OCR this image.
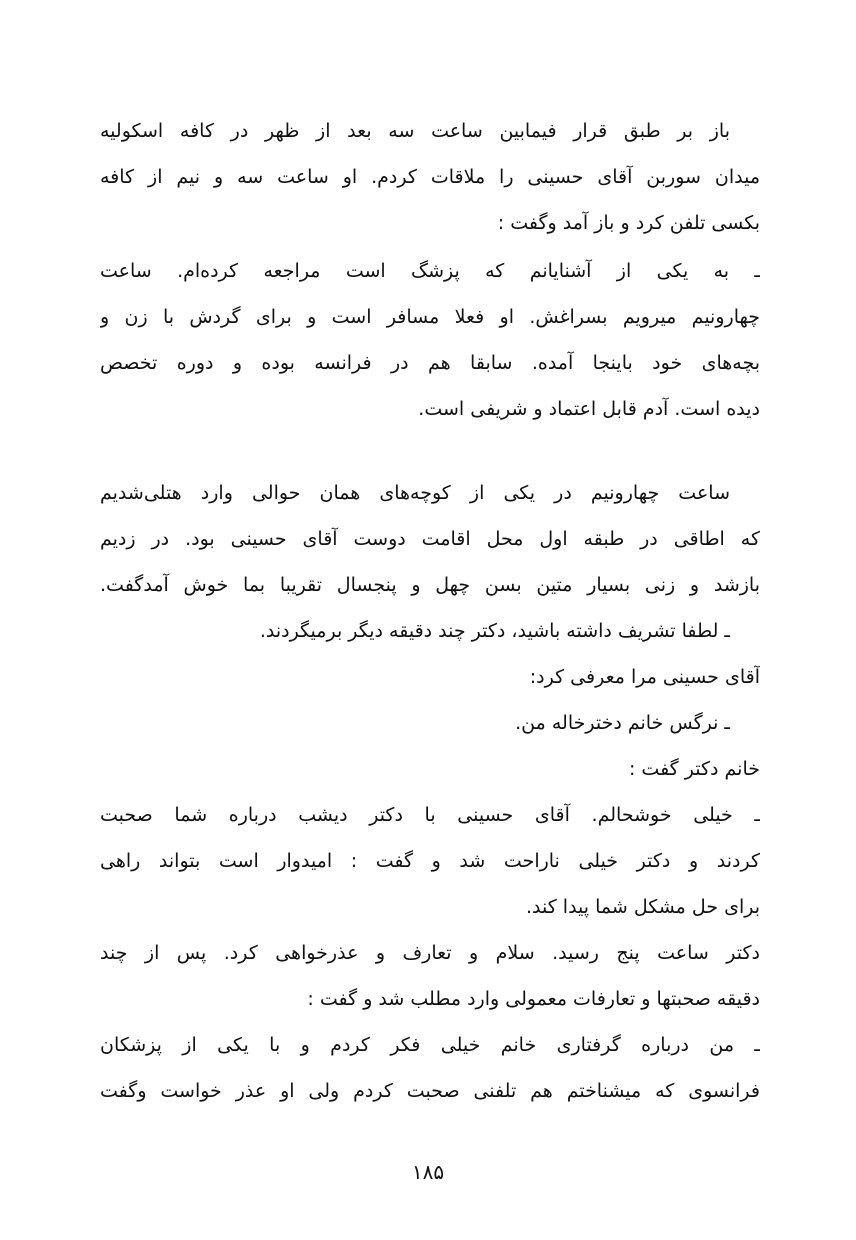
باز بر طبق قرار فیمابین ساعت سه بعد از ظهر در کافه اسکولیه
میدان سوربن آقای حسینی را ملاقات کردم. او ساعت سه و نیم از کافه
بکسی تلفن کرد و باز آمد وگفت :
ـ به یکی از آشنایانم که پزشگ است مراجعه کرده‌ام. ساعت
چهارونیم میرویم بسراغش. او فعلا مسافر است و برای گردش با زن و
بچه‌های خود باینجا آمده. سابقا هم در فرانسه بوده و دوره تخصص
دیده است. آدم قابل اعتماد و شریفی است.
ساعت چهارونیم در یکی از کوچه‌های همان حوالی وارد هتلی‌شدیم
که اطاقی در طبقه اول محل اقامت دوست آقای حسینی بود. در زدیم
بازشد و زنی بسیار متین بسن چهل و پنجسال تقریبا بما خوش آمدگفت.
ـ لطفا تشریف داشته باشید، دکتر چند دقیقه دیگر برمیگردند.
آقای حسینی مرا معرفی کرد:
ـ نرگس خانم دخترخاله من.
خانم دکتر گفت :
ـ خیلی خوشحالم. آقای حسینی با دکتر دیشب درباره شما صحبت
کردند و دکتر خیلی ناراحت شد و گفت : امیدوار است بتواند راهی
برای حل مشکل شما پیدا کند.
دکتر ساعت پنج رسید. سلام و تعارف و عذرخواهی کرد. پس از چند
دقیقه صحبتها و تعارفات معمولی وارد مطلب شد و گفت :
ـ من درباره گرفتاری خانم خیلی فکر کردم و با یکی از پزشکان
فرانسوی که میشناختم هم تلفنی صحبت کردم ولی او عذر خواست وگفت
۱۸۵
